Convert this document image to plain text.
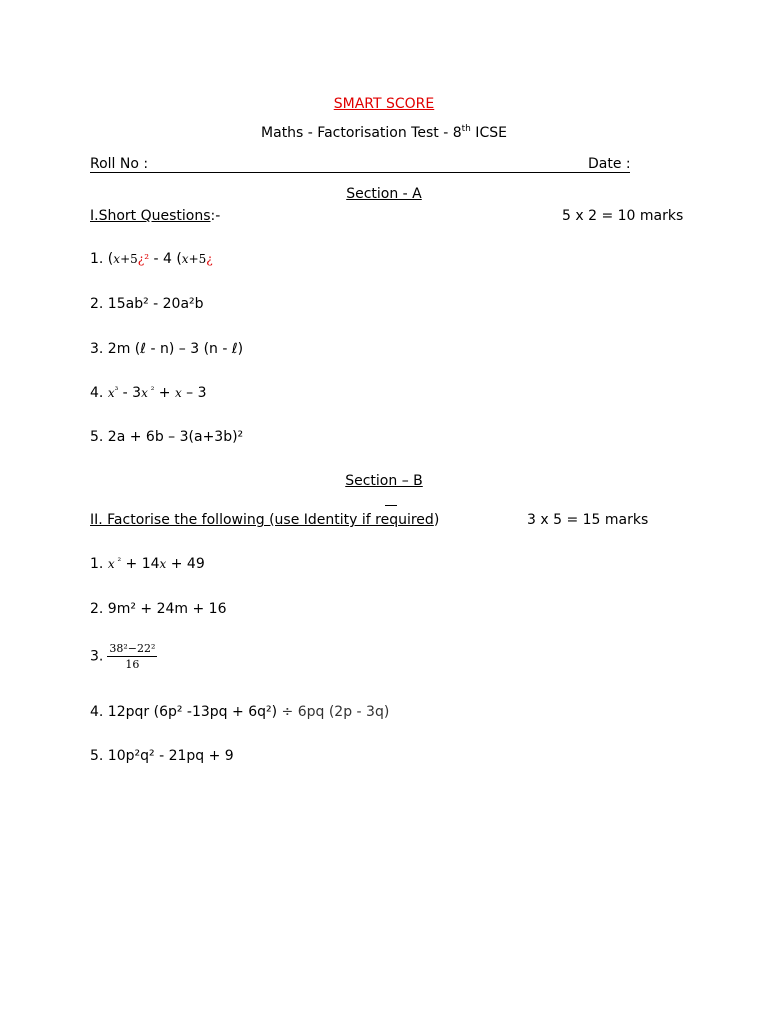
SMART SCORE
Maths - Factorisation Test - 8th ICSE
Roll No :	Date :
Section - A
I.Short Questions:-	5 x 2 = 10 marks
1. (x+5¿² - 4 (x+5¿
2. 15ab² - 20a²b
3. 2m (ℓ - n) – 3 (n - ℓ)
4. $x^{^3} - 3x$ $^{^2}$ + x – 3
5. 2a + 6b – 3(a+3b)²
Section – B
II. Factorise the following (use Identity if required)	3 x 5 = 15 marks
1. x $^{^2}$ + 14x + 49
2. 9m² + 24m + 16
3. $\frac{\text{38²−22²}}{16}$
4. 12pqr (6p² -13pq + 6q²) ÷ 6pq (2p - 3q)
5. 10p²q² - 21pq + 9
